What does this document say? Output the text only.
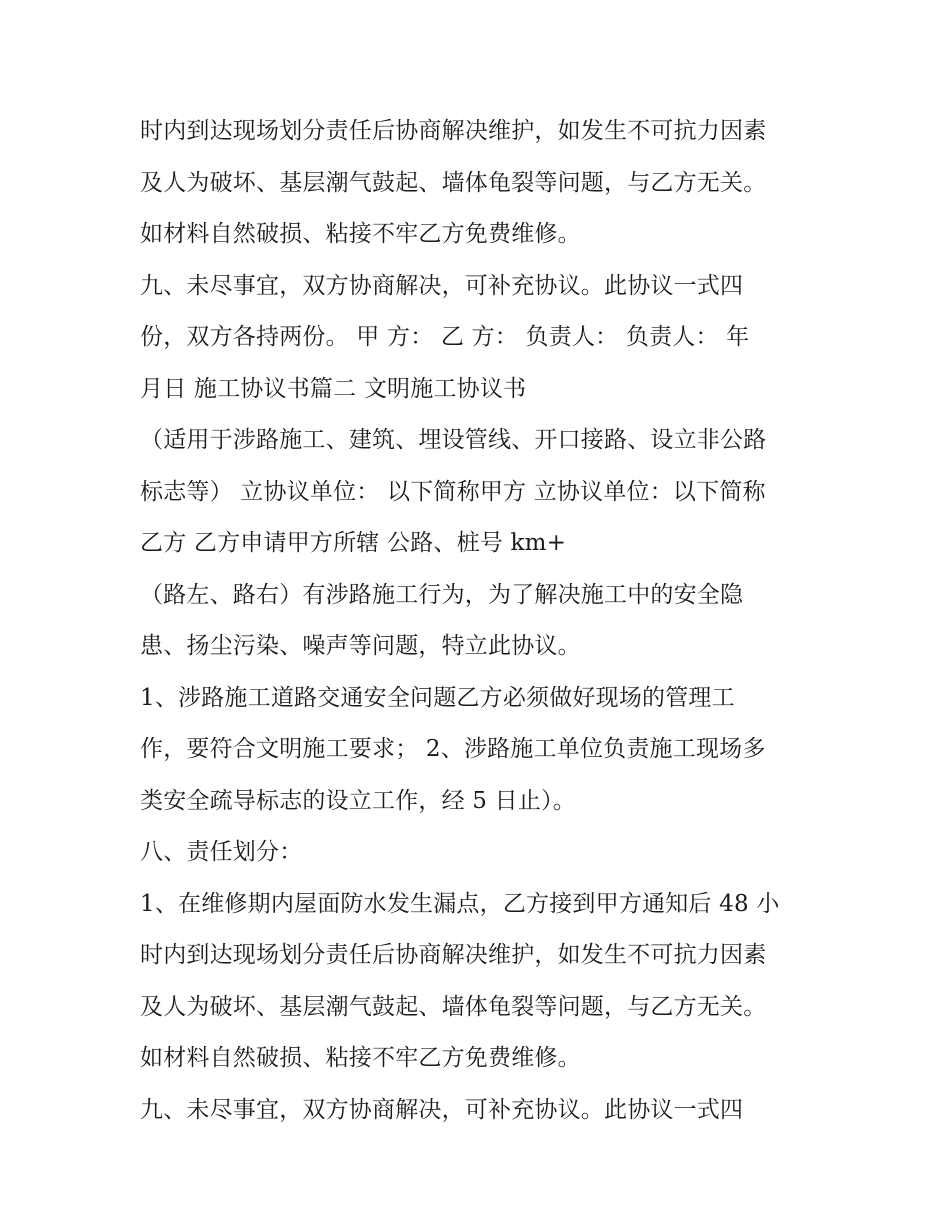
时内到达现场划分责任后协商解决维护，如发生不可抗力因素
及人为破坏、基层潮气鼓起、墙体龟裂等问题，与乙方无关。
如材料自然破损、粘接不牢乙方免费维修。
九、未尽事宜，双方协商解决，可补充协议。此协议一式四
份，双方各持两份。 甲 方： 乙 方： 负责人： 负责人： 年
月日 施工协议书篇二 文明施工协议书
（适用于涉路施工、建筑、埋设管线、开口接路、设立非公路
标志等） 立协议单位： 以下简称甲方 立协议单位：以下简称
乙方 乙方申请甲方所辖 公路、桩号 km+
（路左、路右）有涉路施工行为，为了解决施工中的安全隐
患、扬尘污染、噪声等问题，特立此协议。
1、涉路施工道路交通安全问题乙方必须做好现场的管理工
作，要符合文明施工要求； 2、涉路施工单位负责施工现场多
类安全疏导标志的设立工作，经 5 日止）。
八、责任划分：
1、在维修期内屋面防水发生漏点，乙方接到甲方通知后 48 小
时内到达现场划分责任后协商解决维护，如发生不可抗力因素
及人为破坏、基层潮气鼓起、墙体龟裂等问题，与乙方无关。
如材料自然破损、粘接不牢乙方免费维修。
九、未尽事宜，双方协商解决，可补充协议。此协议一式四
